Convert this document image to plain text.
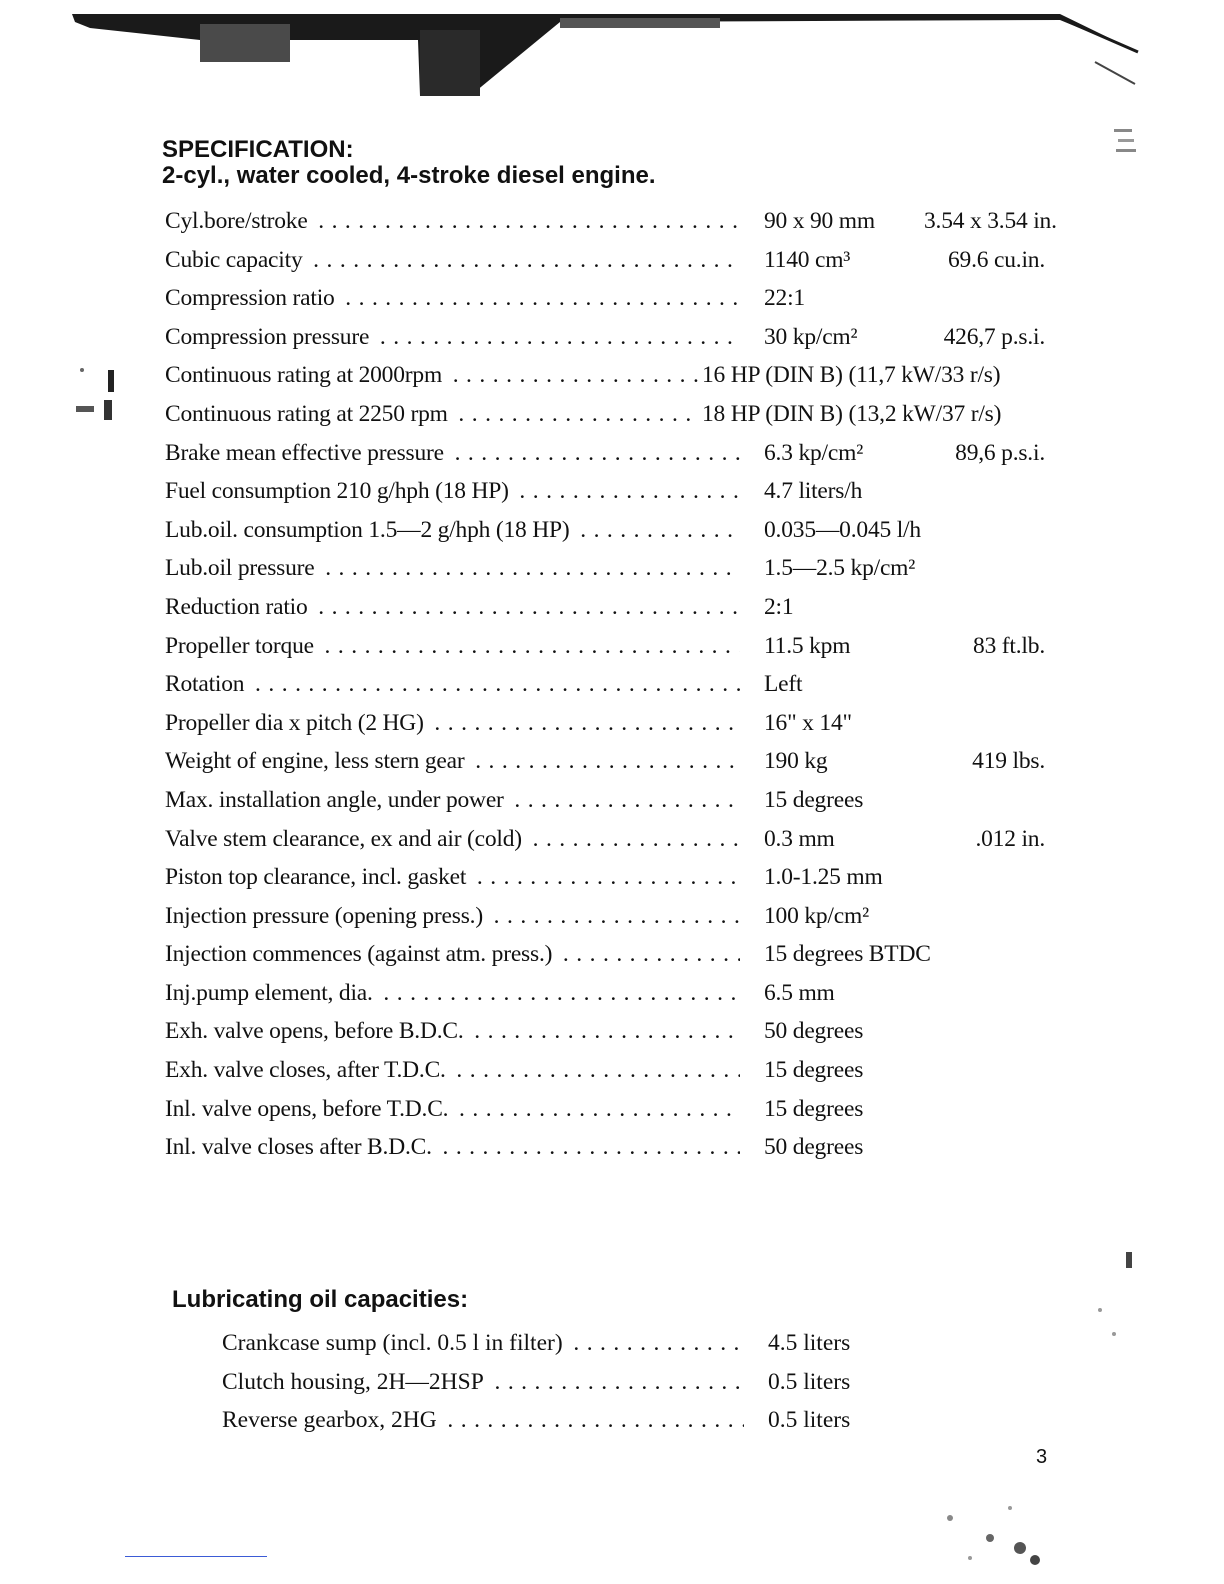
SPECIFICATION:
2-cyl., water cooled, 4-stroke diesel engine.
Cyl.bore/stroke . . .	90 x 90 mm	3.54 x 3.54 in.
Cubic capacity . . .	1140 cm³	69.6 cu.in.
Compression ratio . . .	22:1
Compression pressure . . .	30 kp/cm²	426,7 p.s.i.
Continuous rating at 2000rpm . . .	16 HP (DIN B) (11,7 kW/33 r/s)
Continuous rating at 2250 rpm . . .	18 HP (DIN B) (13,2 kW/37 r/s)
Brake mean effective pressure . . .	6.3 kp/cm²	89,6 p.s.i.
Fuel consumption 210 g/hph (18 HP) . . .	4.7 liters/h
Lub.oil. consumption 1.5—2 g/hph (18 HP) . . .	0.035—0.045 l/h
Lub.oil pressure . . .	1.5—2.5 kp/cm²
Reduction ratio . . .	2:1
Propeller torque . . .	11.5 kpm	83 ft.lb.
Rotation . . .	Left
Propeller dia x pitch (2 HG) . . .	16" x 14"
Weight of engine, less stern gear . . .	190 kg	419 lbs.
Max. installation angle, under power . . .	15 degrees
Valve stem clearance, ex and air (cold) . . .	0.3 mm	.012 in.
Piston top clearance, incl. gasket . . .	1.0-1.25 mm
Injection pressure (opening press.) . . .	100 kp/cm²
Injection commences (against atm. press.) . . .	15 degrees BTDC
Inj.pump element, dia. . . .	6.5 mm
Exh. valve opens, before B.D.C. . . .	50 degrees
Exh. valve closes, after T.D.C. . . .	15 degrees
Inl. valve opens, before T.D.C. . . .	15 degrees
Inl. valve closes after B.D.C. . . .	50 degrees
Lubricating oil capacities:
Crankcase sump (incl. 0.5 l in filter) . . .	4.5 liters
Clutch housing, 2H—2HSP . . .	0.5 liters
Reverse gearbox, 2HG . . .	0.5 liters
3
